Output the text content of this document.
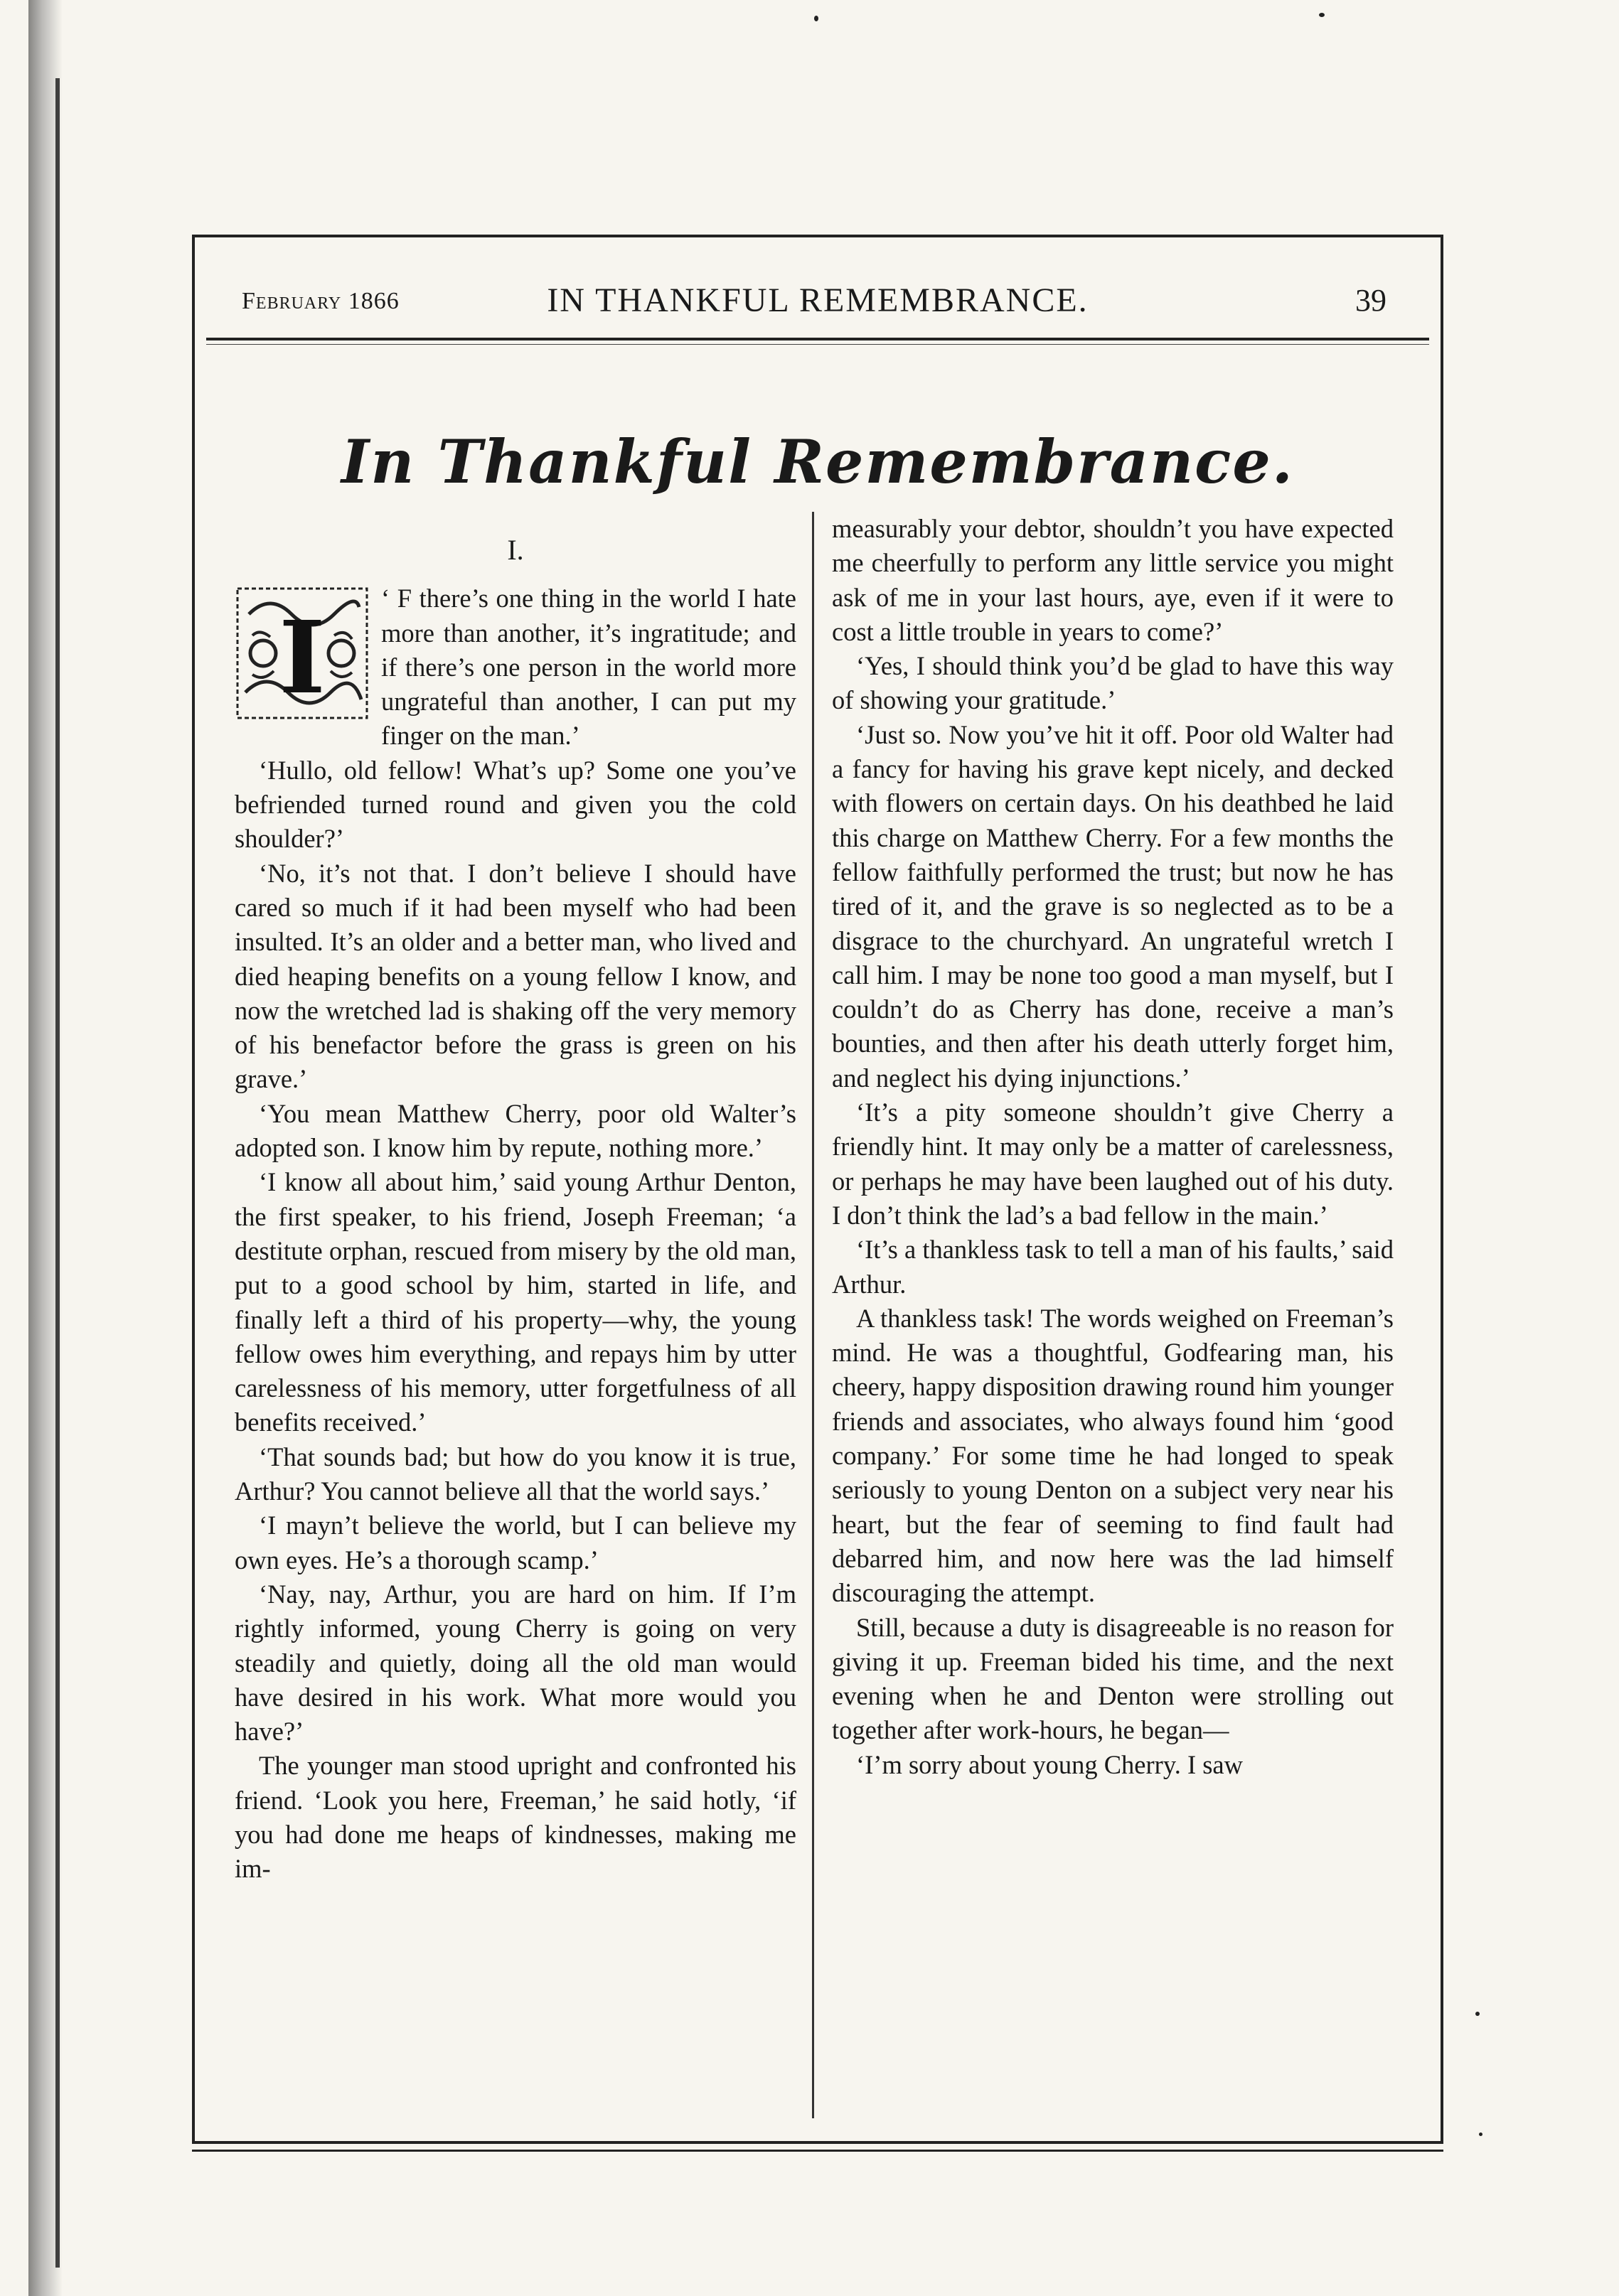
February 1866	IN THANKFUL REMEMBRANCE.	39
In Thankful Remembrance.

I.

I

‘ F there’s one thing in the world I hate more than another, it’s ingratitude; and if there’s one person in the world more ungrateful than another, I can put my finger on the man.’

‘Hullo, old fellow! What’s up? Some one you’ve befriended turned round and given you the cold shoulder?’

‘No, it’s not that. I don’t believe I should have cared so much if it had been myself who had been insulted. It’s an older and a better man, who lived and died heaping benefits on a young fellow I know, and now the wretched lad is shaking off the very memory of his benefactor before the grass is green on his grave.’

‘You mean Matthew Cherry, poor old Walter’s adopted son. I know him by repute, nothing more.’

‘I know all about him,’ said young Arthur Denton, the first speaker, to his friend, Joseph Freeman; ‘a destitute orphan, rescued from misery by the old man, put to a good school by him, started in life, and finally left a third of his property—why, the young fellow owes him everything, and repays him by utter carelessness of his memory, utter forgetfulness of all benefits received.’

‘That sounds bad; but how do you know it is true, Arthur? You cannot believe all that the world says.’

‘I mayn’t believe the world, but I can believe my own eyes. He’s a thorough scamp.’

‘Nay, nay, Arthur, you are hard on him. If I’m rightly informed, young Cherry is going on very steadily and quietly, doing all the old man would have desired in his work. What more would you have?’

The younger man stood upright and confronted his friend. ‘Look you here, Freeman,’ he said hotly, ‘if you had done me heaps of kindnesses, making me im-

measurably your debtor, shouldn’t you have expected me cheerfully to perform any little service you might ask of me in your last hours, aye, even if it were to cost a little trouble in years to come?’

‘Yes, I should think you’d be glad to have this way of showing your gratitude.’

‘Just so. Now you’ve hit it off. Poor old Walter had a fancy for having his grave kept nicely, and decked with flowers on certain days. On his deathbed he laid this charge on Matthew Cherry. For a few months the fellow faithfully performed the trust; but now he has tired of it, and the grave is so neglected as to be a disgrace to the churchyard. An ungrateful wretch I call him. I may be none too good a man myself, but I couldn’t do as Cherry has done, receive a man’s bounties, and then after his death utterly forget him, and neglect his dying injunctions.’

‘It’s a pity someone shouldn’t give Cherry a friendly hint. It may only be a matter of carelessness, or perhaps he may have been laughed out of his duty. I don’t think the lad’s a bad fellow in the main.’

‘It’s a thankless task to tell a man of his faults,’ said Arthur.

A thankless task! The words weighed on Freeman’s mind. He was a thoughtful, Godfearing man, his cheery, happy disposition drawing round him younger friends and associates, who always found him ‘good company.’ For some time he had longed to speak seriously to young Denton on a subject very near his heart, but the fear of seeming to find fault had debarred him, and now here was the lad himself discouraging the attempt.

Still, because a duty is disagreeable is no reason for giving it up. Freeman bided his time, and the next evening when he and Denton were strolling out together after work-hours, he began—

‘I’m sorry about young Cherry. I saw
